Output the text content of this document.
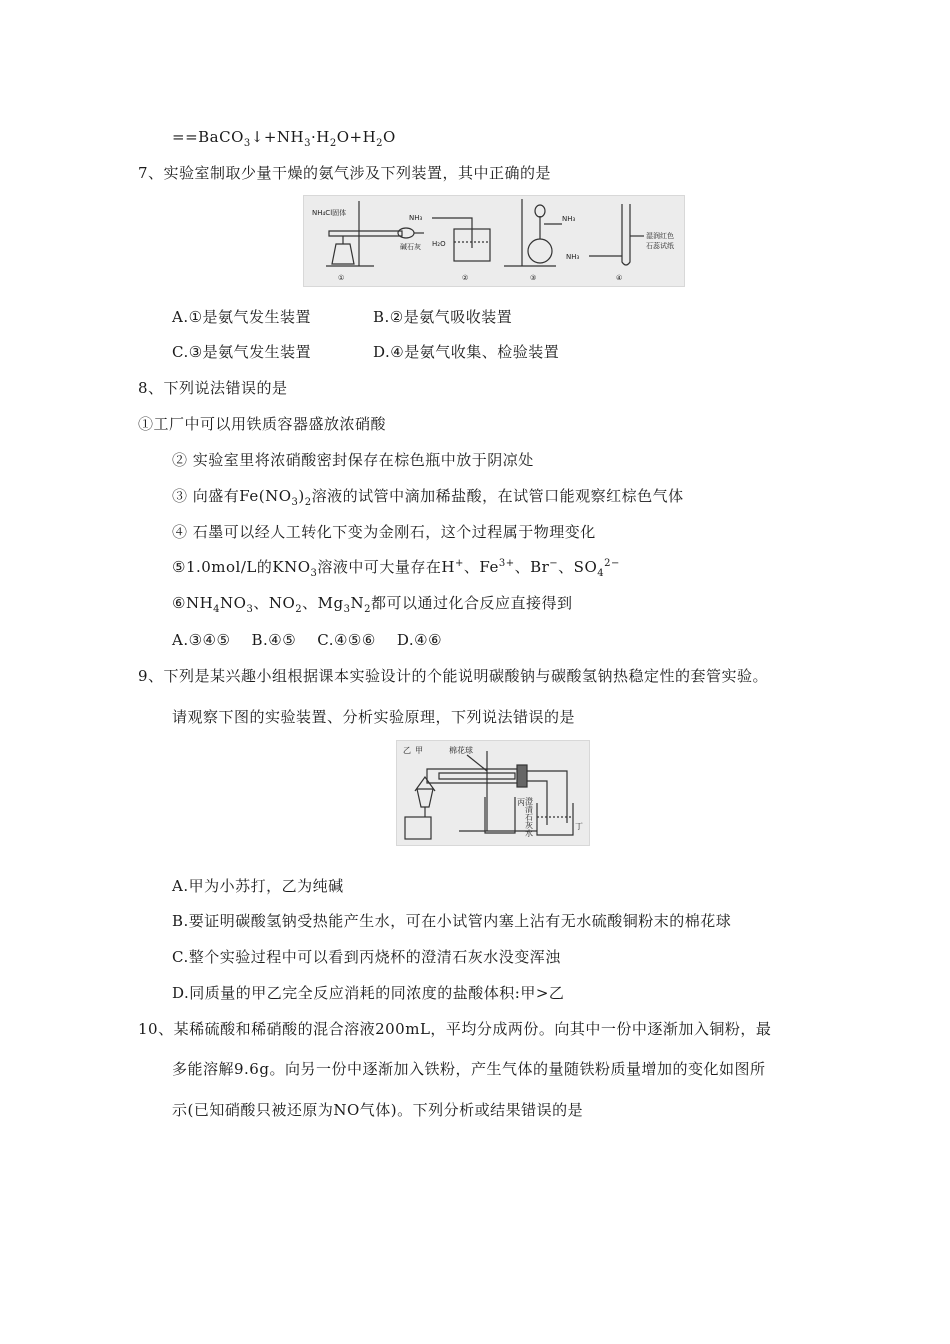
$==BaCO_3↓+NH_3\cdot H_2O+H_2O$
7、实验室制取少量干燥的氨气涉及下列装置，其中正确的是
NH₄Cl固体
碱石灰
NH₃
H₂O
NH₃
NH₃
湿润红色
石蕊试纸
①	②	③	④
A.①是氨气发生装置	B.②是氨气吸收装置
C.③是氨气发生装置	D.④是氨气收集、检验装置
8、下列说法错误的是
①工厂中可以用铁质容器盛放浓硝酸
② 实验室里将浓硝酸密封保存在棕色瓶中放于阴凉处
③ 向盛有$Fe(NO_3)_2$溶液的试管中滴加稀盐酸，在试管口能观察红棕色气体
④ 石墨可以经人工转化下变为金刚石，这个过程属于物理变化
⑤1.0mol/L的$KNO_3$溶液中可大量存在H+、$Fe^{3+}$、Br−、$SO_4^{2-}$
$⑥NH_4NO_3$、$NO_2$、$Mg_3N_2$都可以通过化合反应直接得到
A.③④⑤    B.④⑤    C.④⑤⑥    D.④⑥
9、下列是某兴趣小组根据课本实验设计的个能说明碳酸钠与碳酸氢钠热稳定性的套管实验。
请观察下图的实验装置、分析实验原理，下列说法错误的是
乙 甲	棉花球
丙 澄清石灰水	丁
A.甲为小苏打，乙为纯碱
B.要证明碳酸氢钠受热能产生水，可在小试管内塞上沾有无水硫酸铜粉末的棉花球
C.整个实验过程中可以看到丙烧杯的澄清石灰水没变浑浊
D.同质量的甲乙完全反应消耗的同浓度的盐酸体积:甲>乙
10、某稀硫酸和稀硝酸的混合溶液200mL，平均分成两份。向其中一份中逐渐加入铜粉，最
多能溶解9.6g。向另一份中逐渐加入铁粉，产生气体的量随铁粉质量增加的变化如图所
示(已知硝酸只被还原为NO气体)。下列分析或结果错误的是
